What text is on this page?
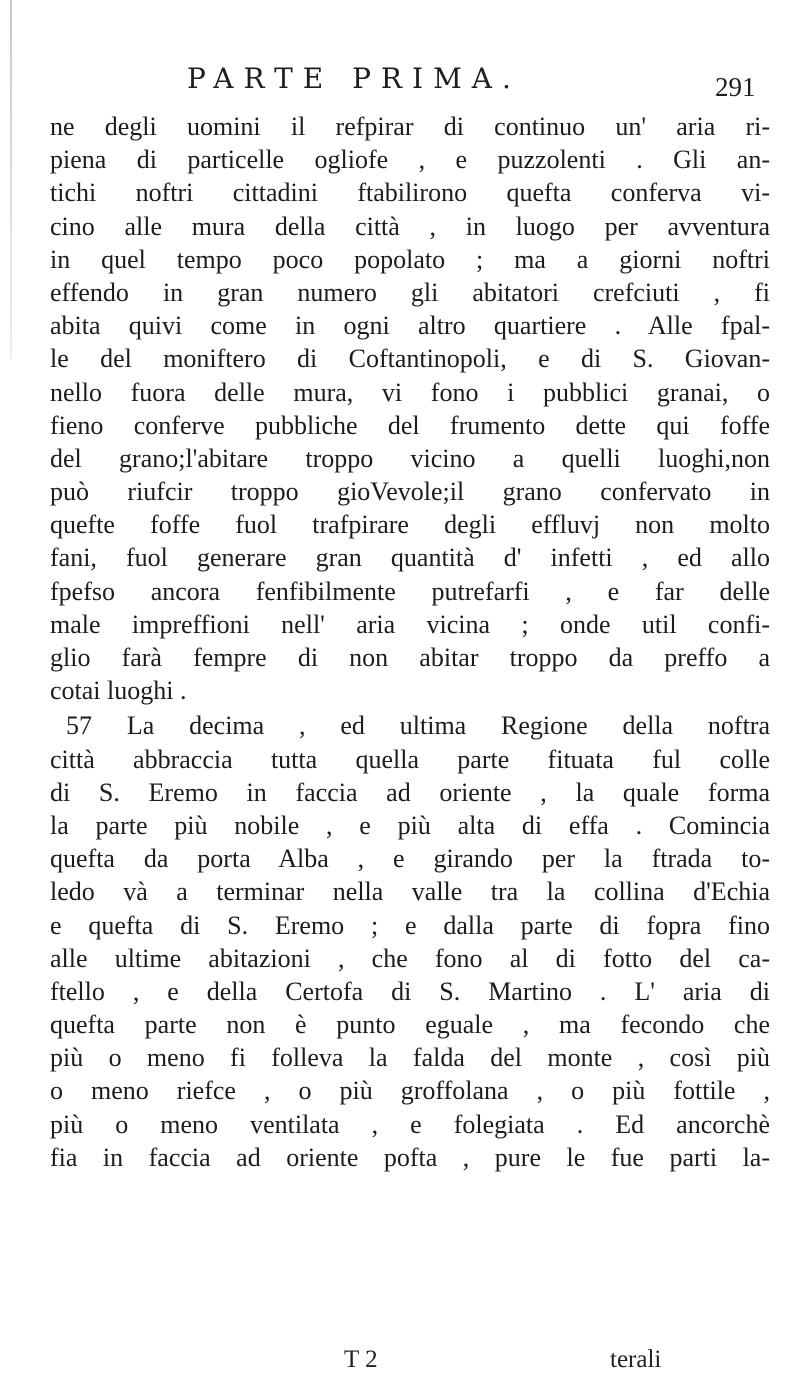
PARTE PRIMA.	291
ne degli uomini il refpirar di continuo un' aria ri-
piena di particelle ogliofe , e puzzolenti . Gli an-
tichi noftri cittadini ftabilirono quefta conferva vi-
cino alle mura della città , in luogo per avventura
in quel tempo poco popolato ; ma a giorni noftri
effendo in gran numero gli abitatori crefciuti , fi
abita quivi come in ogni altro quartiere . Alle fpal-
le del moniftero di Coftantinopoli, e di S. Giovan-
nello fuora delle mura, vi fono i pubblici granai, o
fieno conferve pubbliche del frumento dette qui foffe
del grano;l'abitare troppo vicino a quelli luoghi,non
può riufcir troppo gioVevole;il grano confervato in
quefte foffe fuol trafpirare degli effluvj non molto
fani, fuol generare gran quantità d' infetti , ed allo
fpefso ancora fenfibilmente putrefarfi , e far delle
male impreffioni nell' aria vicina ; onde util confi-
glio farà fempre di non abitar troppo da preffo a
cotai luoghi .
57 La decima , ed ultima Regione della noftra
città abbraccia tutta quella parte fituata ful colle
di S. Eremo in faccia ad oriente , la quale forma
la parte più nobile , e più alta di effa . Comincia
quefta da porta Alba , e girando per la ftrada to-
ledo và a terminar nella valle tra la collina d'Echia
e quefta di S. Eremo ; e dalla parte di fopra fino
alle ultime abitazioni , che fono al di fotto del ca-
ftello , e della Certofa di S. Martino . L' aria di
quefta parte non è punto eguale , ma fecondo che
più o meno fi folleva la falda del monte , così più
o meno riefce , o più groffolana , o più fottile ,
più o meno ventilata , e folegiata . Ed ancorchè
fia in faccia ad oriente pofta , pure le fue parti la-
T 2	terali
